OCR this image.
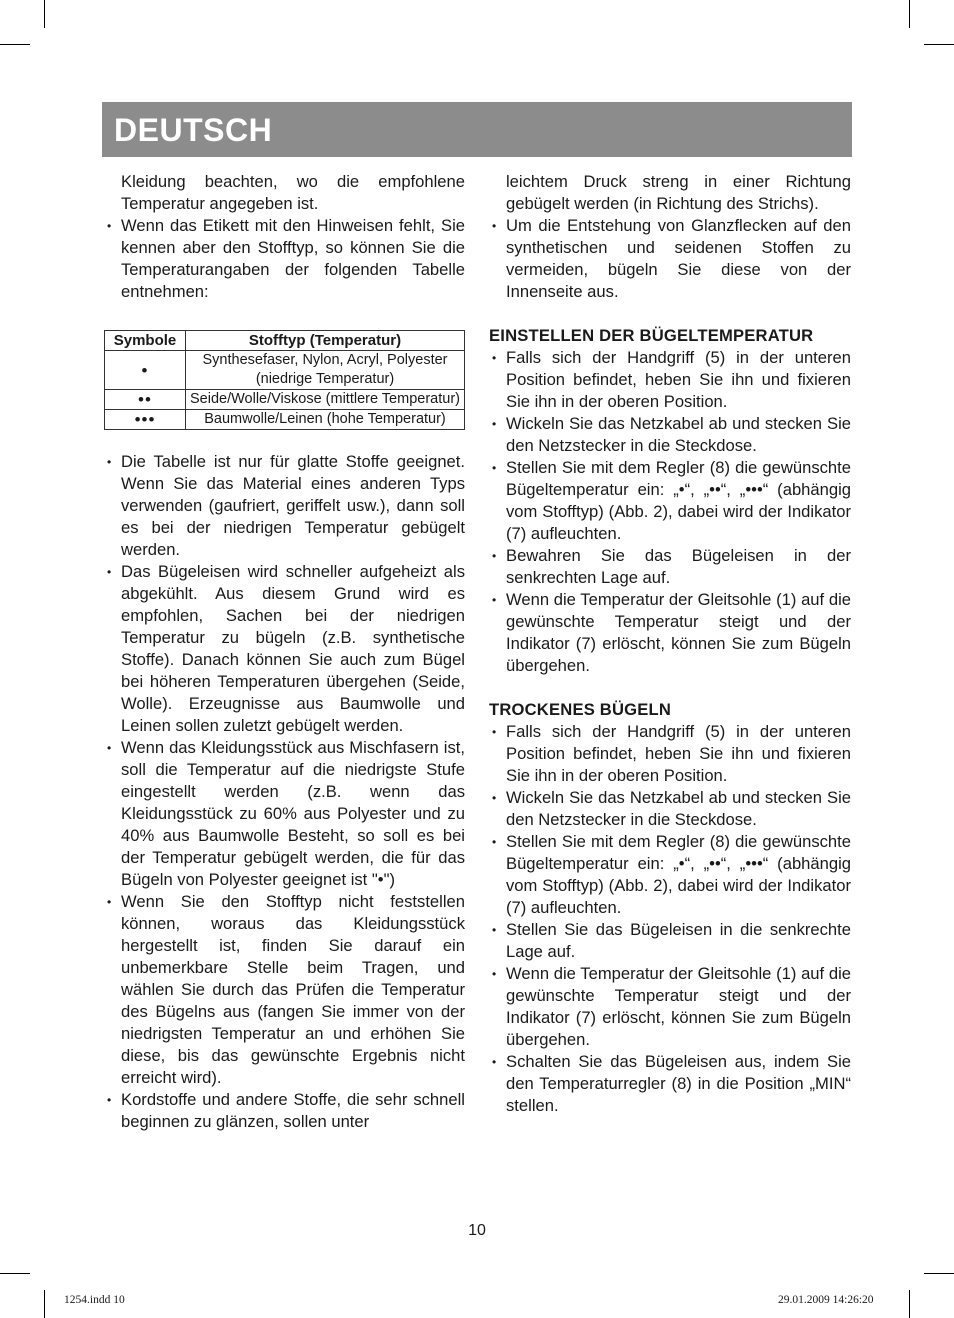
DEUTSCH

Kleidung beachten, wo die empfohlene Temperatur angegeben ist.

• Wenn das Etikett mit den Hinweisen fehlt, Sie kennen aber den Stofftyp, so können Sie die Temperaturangaben der folgenden Tabelle entnehmen:
Symbole	Stofftyp (Temperatur)
•	Synthesefaser, Nylon, Acryl, Polyester (niedrige Temperatur)
••	Seide/Wolle/Viskose (mittlere Temperatur)
•••	Baumwolle/Leinen (hohe Temperatur)
• Die Tabelle ist nur für glatte Stoffe geeignet. Wenn Sie das Material eines anderen Typs verwenden (gaufriert, geriffelt usw.), dann soll es bei der niedrigen Temperatur gebügelt werden.
• Das Bügeleisen wird schneller aufgeheizt als abgekühlt. Aus diesem Grund wird es empfohlen, Sachen bei der niedrigen Temperatur zu bügeln (z.B. synthetische Stoffe). Danach können Sie auch zum Bügel bei höheren Temperaturen übergehen (Seide, Wolle). Erzeugnisse aus Baumwolle und Leinen sollen zuletzt gebügelt werden.
• Wenn das Kleidungsstück aus Mischfasern ist, soll die Temperatur auf die niedrigste Stufe eingestellt werden (z.B. wenn das Kleidungsstück zu 60% aus Polyester und zu 40% aus Baumwolle Besteht, so soll es bei der Temperatur gebügelt werden, die für das Bügeln von Polyester geeignet ist "•")
• Wenn Sie den Stofftyp nicht feststellen können, woraus das Kleidungsstück hergestellt ist, finden Sie darauf ein unbemerkbare Stelle beim Tragen, und wählen Sie durch das Prüfen die Temperatur des Bügelns aus (fangen Sie immer von der niedrigsten Temperatur an und erhöhen Sie diese, bis das gewünschte Ergebnis nicht erreicht wird).
• Kordstoffe und andere Stoffe, die sehr schnell beginnen zu glänzen, sollen unter

leichtem Druck streng in einer Richtung gebügelt werden (in Richtung des Strichs).

• Um die Entstehung von Glanzflecken auf den synthetischen und seidenen Stoffen zu vermeiden, bügeln Sie diese von der Innenseite aus.
EINSTELLEN DER BÜGELTEMPERATUR
• Falls sich der Handgriff (5) in der unteren Position befindet, heben Sie ihn und fixieren Sie ihn in der oberen Position.
• Wickeln Sie das Netzkabel ab und stecken Sie den Netzstecker in die Steckdose.
• Stellen Sie mit dem Regler (8) die gewünschte Bügeltemperatur ein: „•“, „••“, „•••“ (abhängig vom Stofftyp) (Abb. 2), dabei wird der Indikator (7) aufleuchten.
• Bewahren Sie das Bügeleisen in der senkrechten Lage auf.
• Wenn die Temperatur der Gleitsohle (1) auf die gewünschte Temperatur steigt und der Indikator (7) erlöscht, können Sie zum Bügeln übergehen.
TROCKENES BÜGELN
• Falls sich der Handgriff (5) in der unteren Position befindet, heben Sie ihn und fixieren Sie ihn in der oberen Position.
• Wickeln Sie das Netzkabel ab und stecken Sie den Netzstecker in die Steckdose.
• Stellen Sie mit dem Regler (8) die gewünschte Bügeltemperatur ein: „•“, „••“, „•••“ (abhängig vom Stofftyp) (Abb. 2), dabei wird der Indikator (7) aufleuchten.
• Stellen Sie das Bügeleisen in die senkrechte Lage auf.
• Wenn die Temperatur der Gleitsohle (1) auf die gewünschte Temperatur steigt und der Indikator (7) erlöscht, können Sie zum Bügeln übergehen.
• Schalten Sie das Bügeleisen aus, indem Sie den Temperaturregler (8) in die Position „MIN“ stellen.
10
1254.indd 10	29.01.2009 14:26:20
